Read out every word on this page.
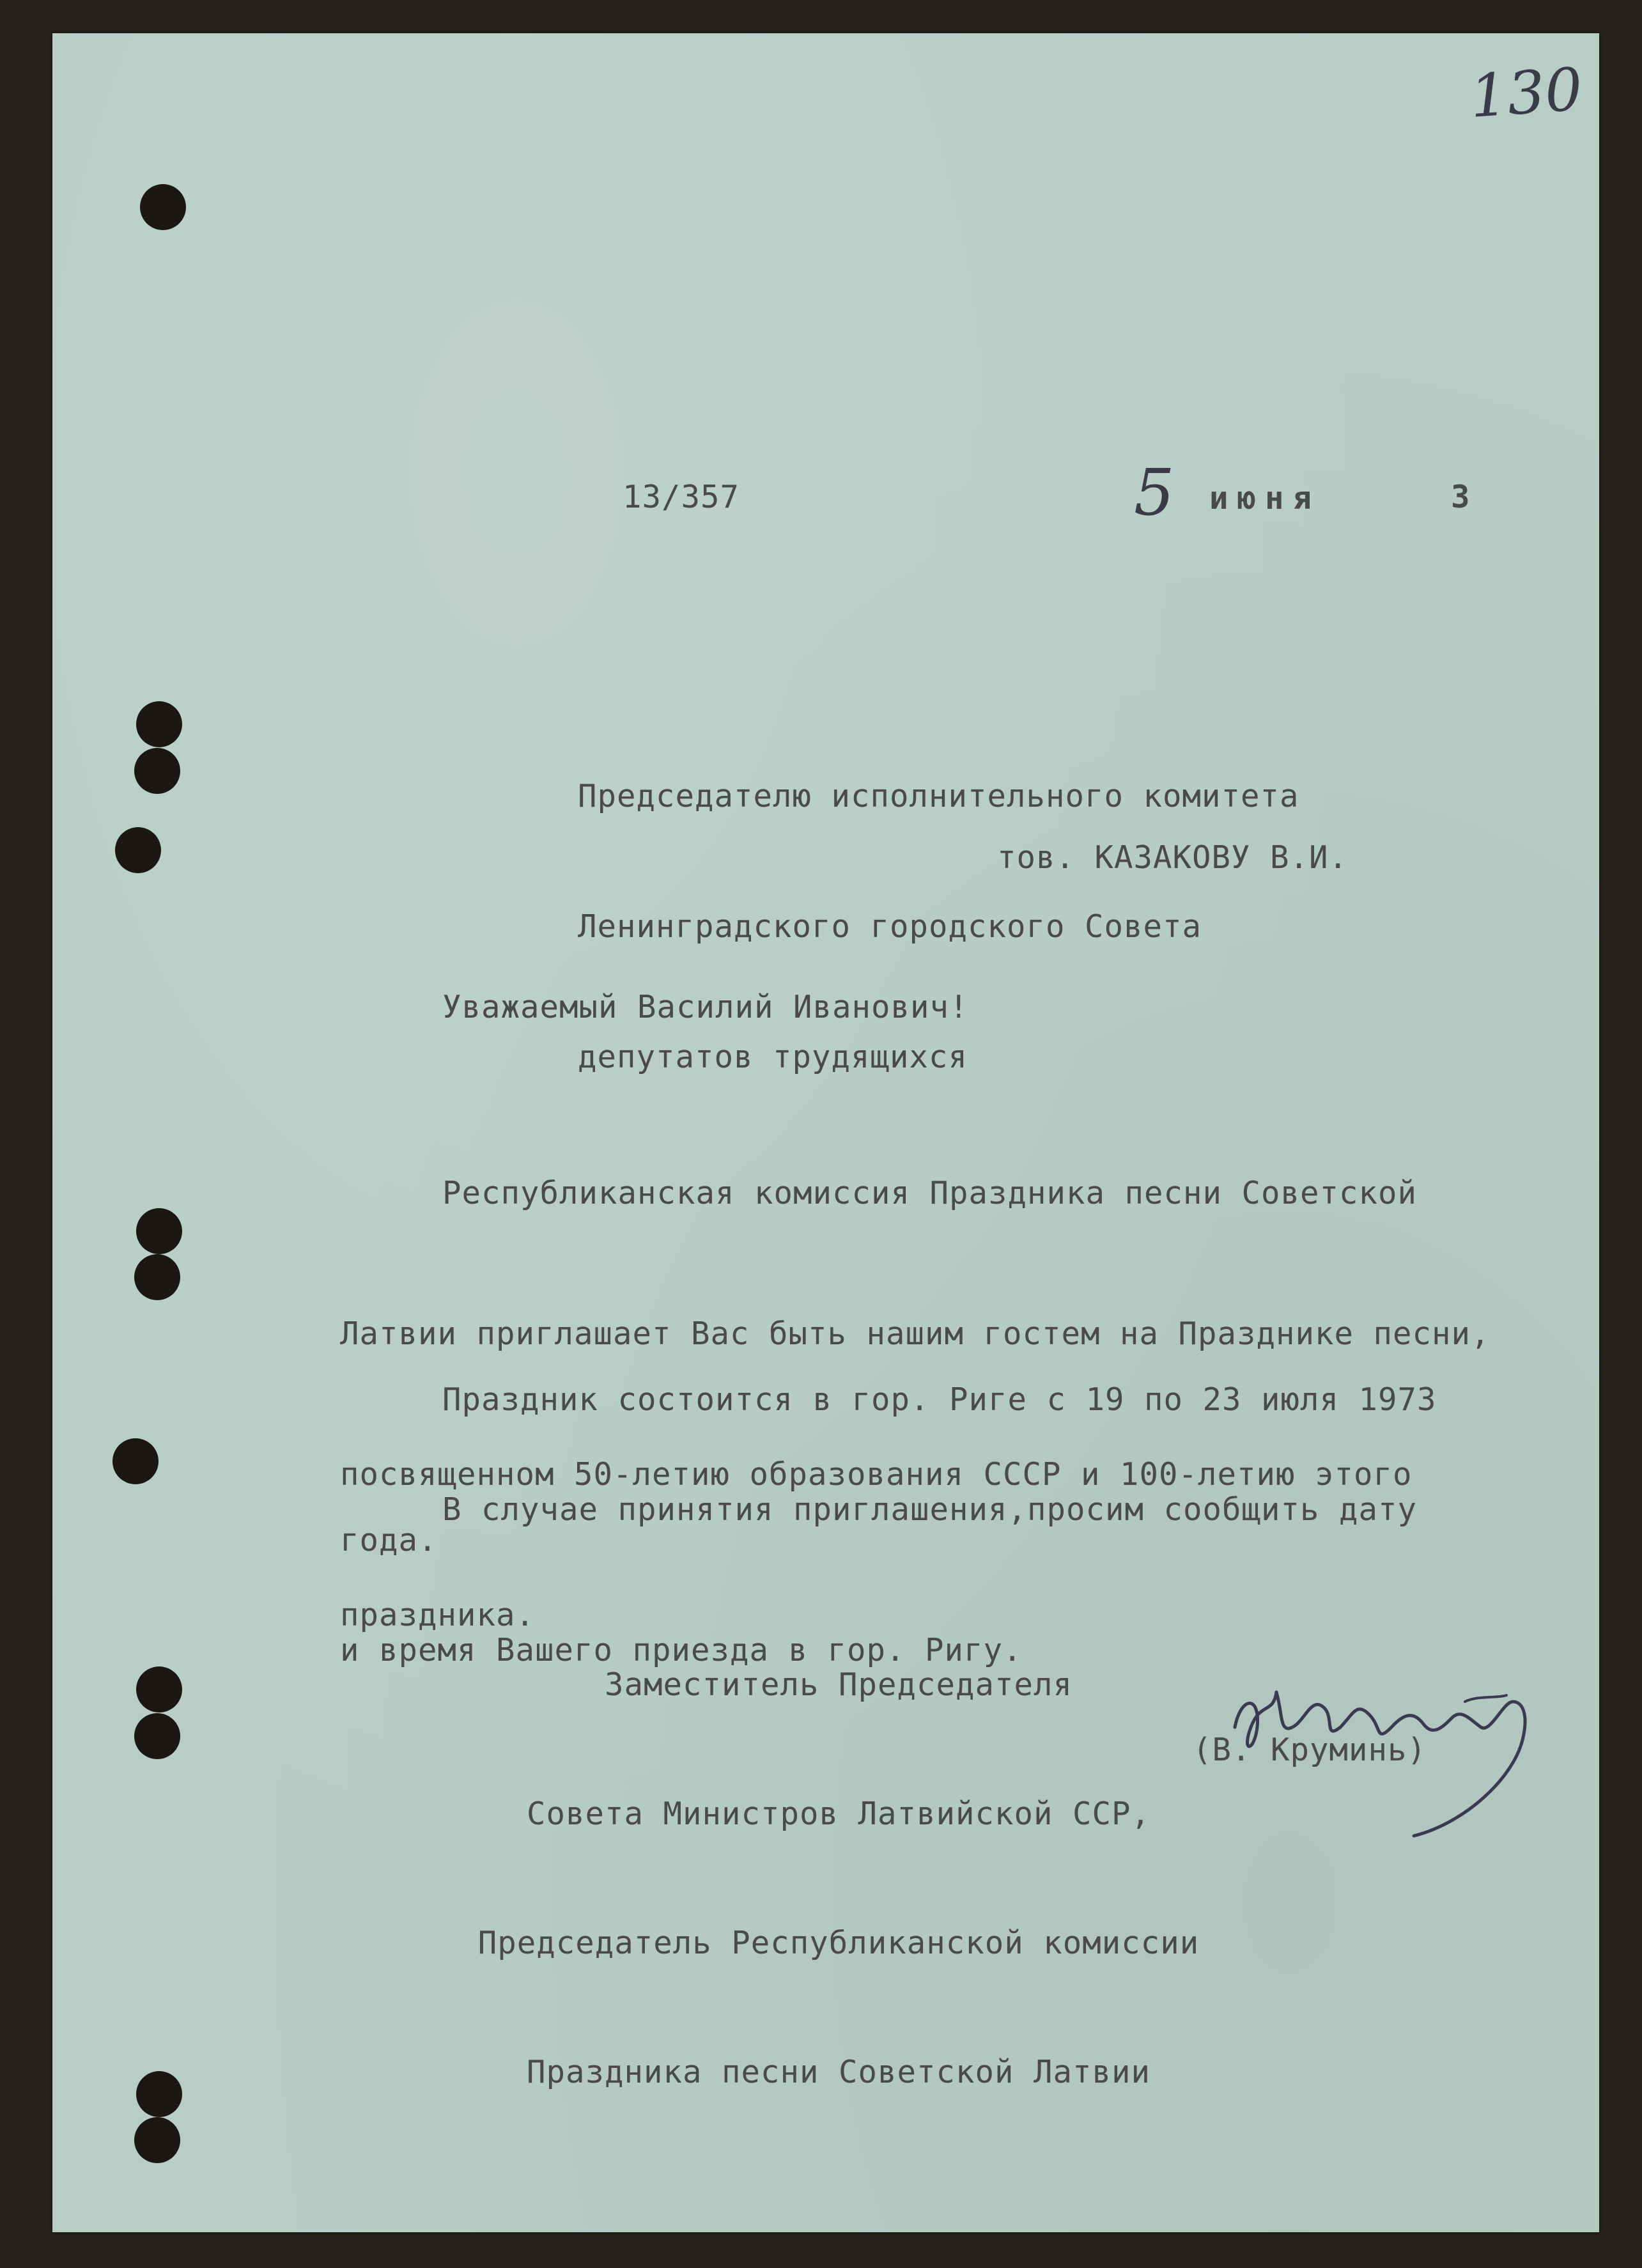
130
13/357	5 июня	3

Председателю исполнительного комитета

Ленинградского городского Совета

депутатов трудящихся

тов. КАЗАКОВУ В.И.
Уважаемый Василий Иванович!

Республиканская комиссия Праздника песни Советской

Латвии приглашает Вас быть нашим гостем на Празднике песни,

посвященном 50-летию образования СССР и 100-летию этого

праздника.

Праздник состоится в гор. Риге с 19 по 23 июля 1973

года.

В случае принятия приглашения,просим сообщить дату

и время Вашего приезда в гор. Ригу.

Заместитель Председателя

Совета Министров Латвийской ССР,

Председатель Республиканской комиссии

Праздника песни Советской Латвии

(В. Круминь)
